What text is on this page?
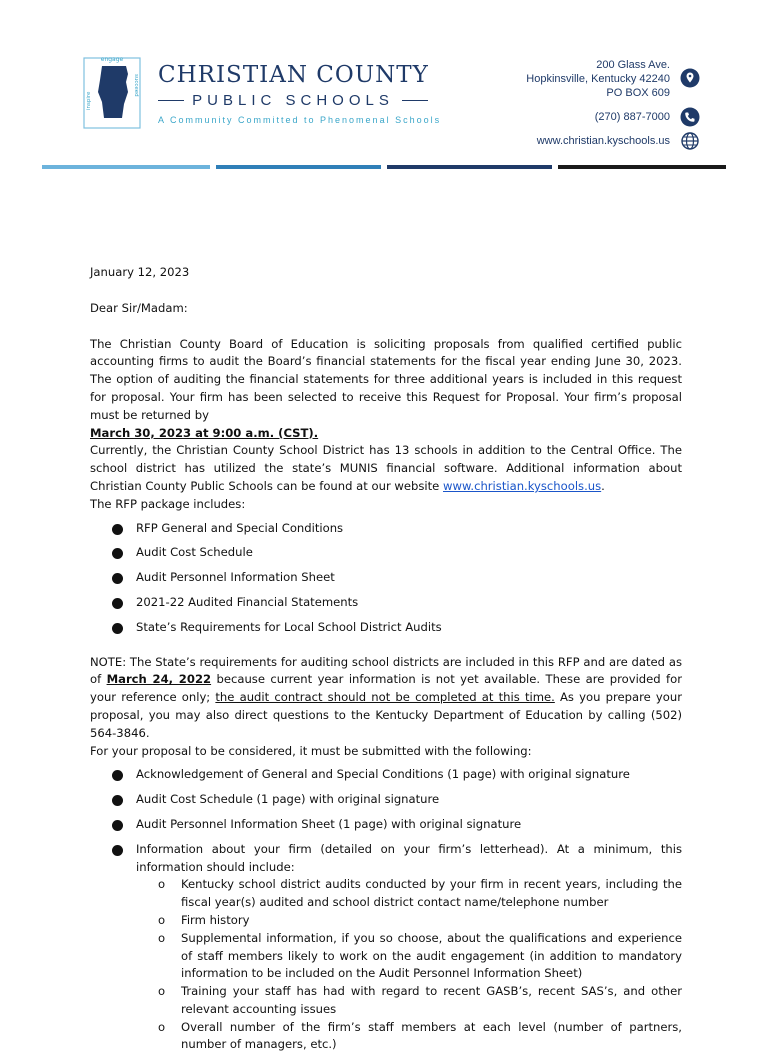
engage
inspire
succeed CHRISTIAN COUNTY
PUBLIC SCHOOLS
A Community Committed to Phenomenal Schools
200 Glass Ave.
Hopkinsville, Kentucky 42240
PO BOX 609
(270) 887-7000
www.christian.kyschools.us

January 12, 2023

Dear Sir/Madam:

The Christian County Board of Education is soliciting proposals from qualified certified public accounting firms to audit the Board’s financial statements for the fiscal year ending June 30, 2023. The option of auditing the financial statements for three additional years is included in this request for proposal. Your firm has been selected to receive this Request for Proposal. Your firm’s proposal must be returned by

March 30, 2023 at 9:00 a.m. (CST).

Currently, the Christian County School District has 13 schools in addition to the Central Office. The school district has utilized the state’s MUNIS financial software. Additional information about Christian County Public Schools can be found at our website www.christian.kyschools.us.

The RFP package includes:

RFP General and Special Conditions
Audit Cost Schedule
Audit Personnel Information Sheet
2021-22 Audited Financial Statements
State’s Requirements for Local School District Audits

NOTE: The State’s requirements for auditing school districts are included in this RFP and are dated as of March 24, 2022 because current year information is not yet available. These are provided for your reference only; the audit contract should not be completed at this time. As you prepare your proposal, you may also direct questions to the Kentucky Department of Education by calling (502) 564-3846.

For your proposal to be considered, it must be submitted with the following:

Acknowledgement of General and Special Conditions (1 page) with original signature
Audit Cost Schedule (1 page) with original signature
Audit Personnel Information Sheet (1 page) with original signature
Information about your firm (detailed on your firm’s letterhead). At a minimum, this information should include:
o Kentucky school district audits conducted by your firm in recent years, including the fiscal year(s) audited and school district contact name/telephone number
o Firm history
o Supplemental information, if you so choose, about the qualifications and experience of staff members likely to work on the audit engagement (in addition to mandatory information to be included on the Audit Personnel Information Sheet)
o Training your staff has had with regard to recent GASB’s, recent SAS’s, and other relevant accounting issues
o Overall number of the firm’s staff members at each level (number of partners, number of managers, etc.)
